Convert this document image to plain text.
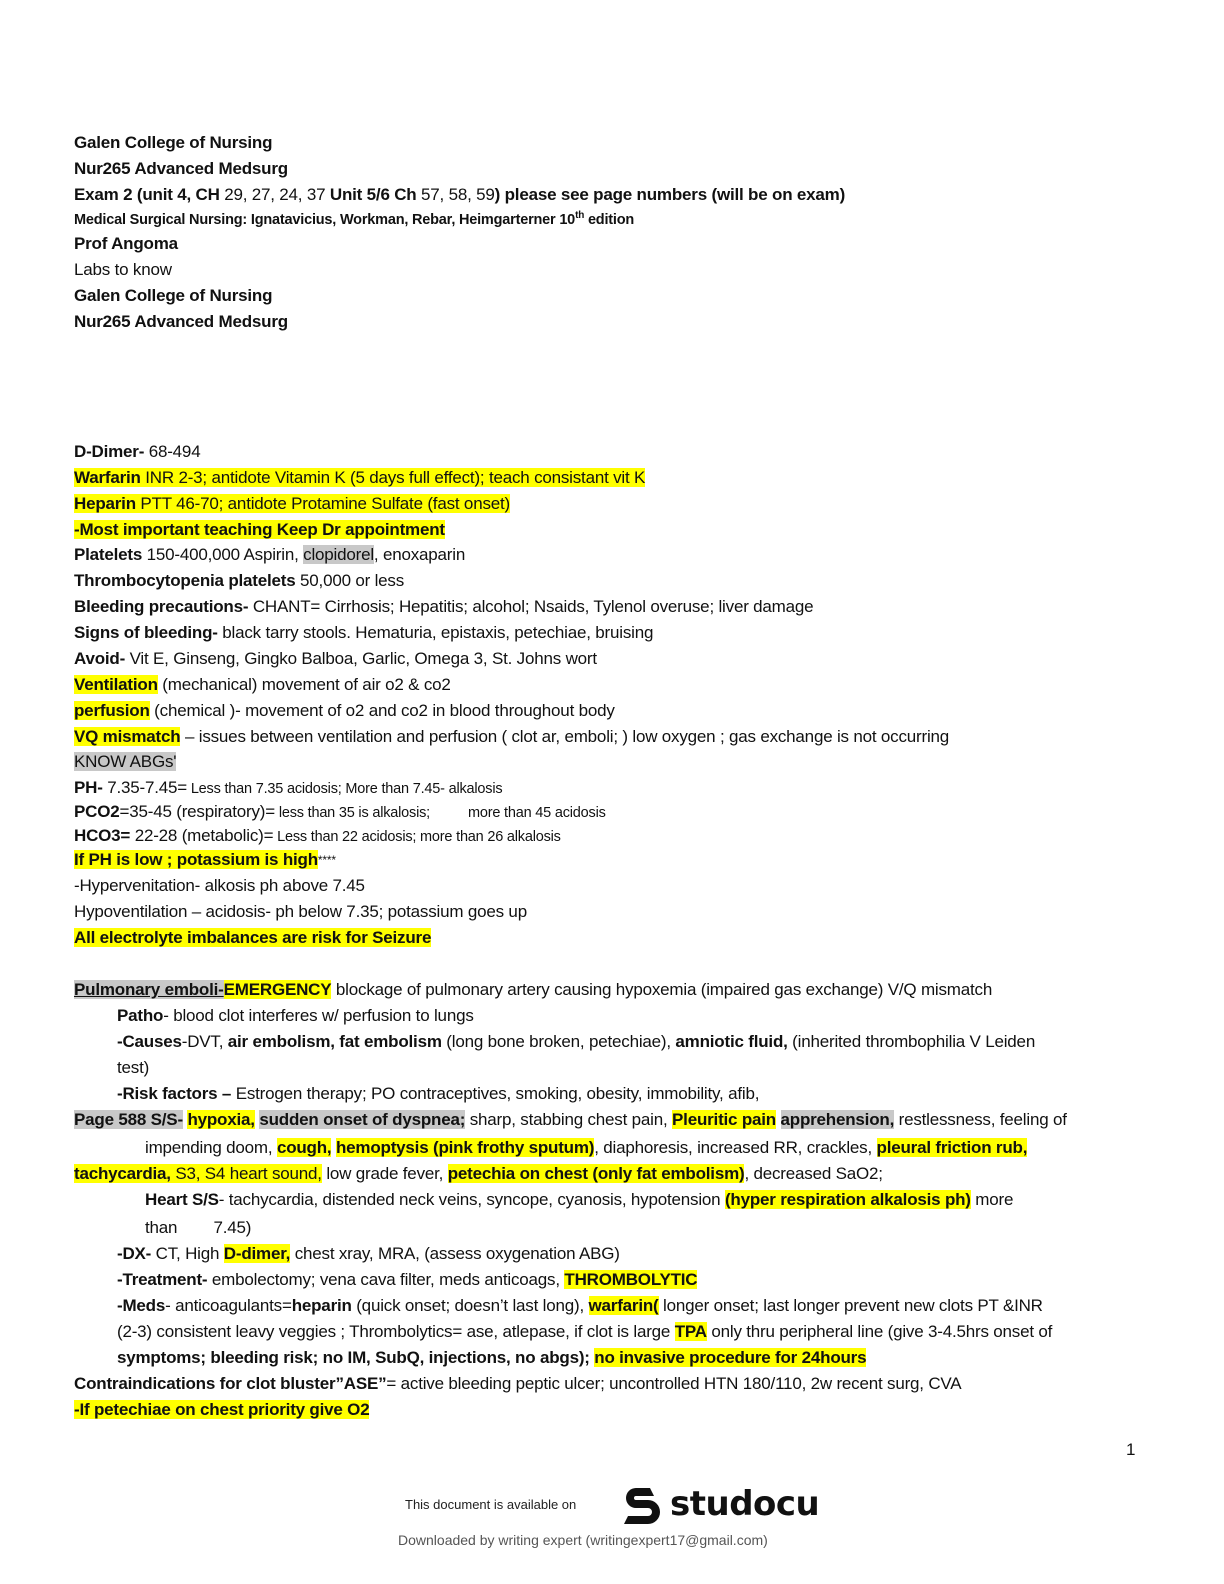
Galen College of Nursing
Nur265 Advanced Medsurg
Exam 2 (unit 4, CH 29, 27, 24, 37 Unit 5/6 Ch 57, 58, 59) please see page numbers (will be on exam)
Medical Surgical Nursing: Ignatavicius, Workman, Rebar, Heimgarterner 10th edition
Prof Angoma
Labs to know
Galen College of Nursing
Nur265 Advanced Medsurg
D-Dimer- 68-494
Warfarin INR 2-3; antidote Vitamin K (5 days full effect); teach consistant vit K
Heparin PTT 46-70; antidote Protamine Sulfate (fast onset)
-Most important teaching Keep Dr appointment
Platelets 150-400,000 Aspirin, clopidorel, enoxaparin
Thrombocytopenia platelets 50,000 or less
Bleeding precautions- CHANT= Cirrhosis; Hepatitis; alcohol; Nsaids, Tylenol overuse; liver damage
Signs of bleeding- black tarry stools. Hematuria, epistaxis, petechiae, bruising
Avoid- Vit E, Ginseng, Gingko Balboa, Garlic, Omega 3, St. Johns wort
Ventilation (mechanical) movement of air o2 & co2
perfusion (chemical )- movement of o2 and co2 in blood throughout body
VQ mismatch – issues between ventilation and perfusion ( clot ar, emboli; ) low oxygen ; gas exchange is not occurring
KNOW ABGs'
PH- 7.35-7.45= Less than 7.35 acidosis; More than 7.45- alkalosis
PCO2=35-45 (respiratory)= less than 35 is alkalosis;	more than 45 acidosis
HCO3= 22-28 (metabolic)= Less than 22 acidosis; more than 26 alkalosis
If PH is low ; potassium is high****
-Hypervenitation- alkosis ph above 7.45
Hypoventilation – acidosis- ph below 7.35; potassium goes up
All electrolyte imbalances are risk for Seizure
Pulmonary emboli-EMERGENCY blockage of pulmonary artery causing hypoxemia (impaired gas exchange) V/Q mismatch
Patho- blood clot interferes w/ perfusion to lungs
-Causes-DVT, air embolism, fat embolism (long bone broken, petechiae), amniotic fluid, (inherited thrombophilia V Leiden
test)
-Risk factors – Estrogen therapy; PO contraceptives, smoking, obesity, immobility, afib,
Page 588 S/S- hypoxia, sudden onset of dyspnea; sharp, stabbing chest pain, Pleuritic pain apprehension, restlessness, feeling of
impending doom, cough, hemoptysis (pink frothy sputum), diaphoresis, increased RR, crackles, pleural friction rub,
tachycardia, S3, S4 heart sound, low grade fever, petechia on chest (only fat embolism), decreased SaO2;
Heart S/S- tachycardia, distended neck veins, syncope, cyanosis, hypotension (hyper respiration alkalosis ph) more
than        7.45)
-DX- CT, High D-dimer, chest xray, MRA, (assess oxygenation ABG)
-Treatment- embolectomy; vena cava filter, meds anticoags, THROMBOLYTIC
-Meds- anticoagulants=heparin (quick onset; doesn’t last long), warfarin( longer onset; last longer prevent new clots PT &INR
(2-3) consistent leavy veggies ; Thrombolytics= ase, atlepase, if clot is large TPA only thru peripheral line (give 3-4.5hrs onset of
symptoms; bleeding risk; no IM, SubQ, injections, no abgs); no invasive procedure for 24hours
Contraindications for clot bluster”ASE”= active bleeding peptic ulcer; uncontrolled HTN 180/110, 2w recent surg, CVA
-If petechiae on chest priority give O2
1
This document is available on	studocu
Downloaded by writing expert (writingexpert17@gmail.com)
